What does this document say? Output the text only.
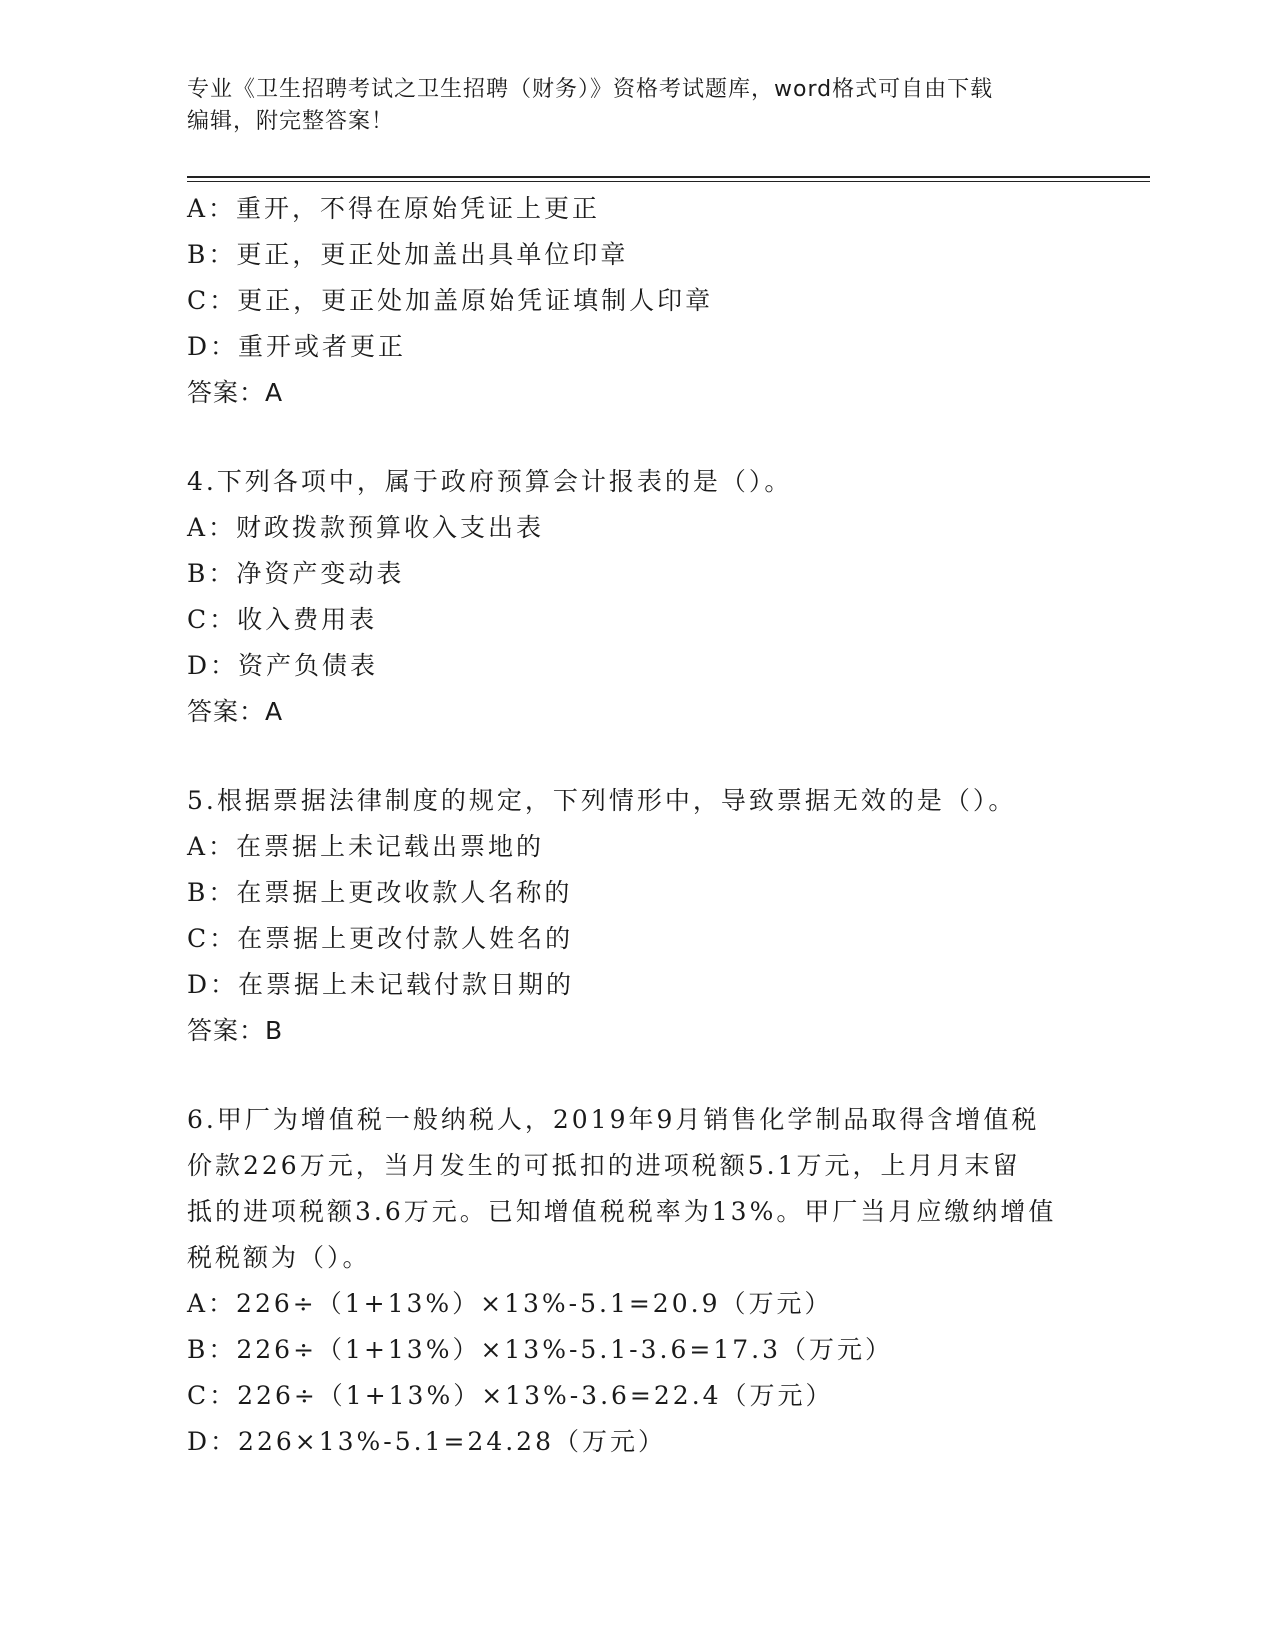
专业《卫生招聘考试之卫生招聘（财务）》资格考试题库，word格式可自由下载
编辑，附完整答案！
A：重开，不得在原始凭证上更正
B：更正，更正处加盖出具单位印章
C：更正，更正处加盖原始凭证填制人印章
D：重开或者更正
答案：A
4.下列各项中，属于政府预算会计报表的是（）。
A：财政拨款预算收入支出表
B：净资产变动表
C：收入费用表
D：资产负债表
答案：A
5.根据票据法律制度的规定，下列情形中，导致票据无效的是（）。
A：在票据上未记载出票地的
B：在票据上更改收款人名称的
C：在票据上更改付款人姓名的
D：在票据上未记载付款日期的
答案：B
6.甲厂为增值税一般纳税人，2019年9月销售化学制品取得含增值税
价款226万元，当月发生的可抵扣的进项税额5.1万元，上月月末留
抵的进项税额3.6万元。已知增值税税率为13%。甲厂当月应缴纳增值
税税额为（）。
A：226÷（1+13%）×13%-5.1=20.9（万元）
B：226÷（1+13%）×13%-5.1-3.6=17.3（万元）
C：226÷（1+13%）×13%-3.6=22.4（万元）
D：226×13%-5.1=24.28（万元）
